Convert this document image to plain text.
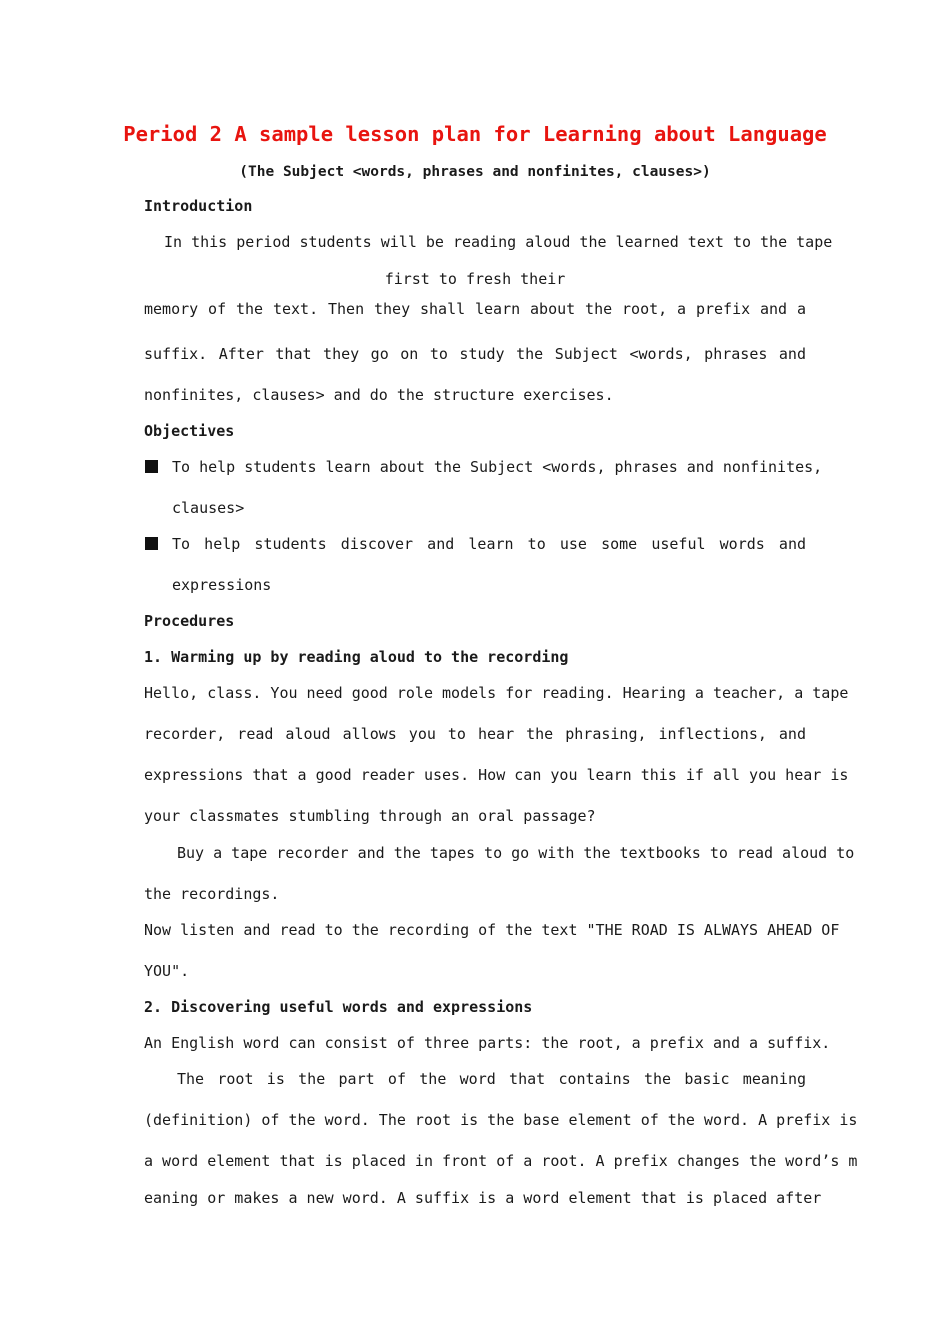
Period 2 A sample lesson plan for Learning about Language
(The Subject <words, phrases and nonfinites, clauses>)
Introduction
In this period students will be reading aloud the learned text to the tape
first to fresh their
memory of the text. Then they shall learn about the root, a prefix and a
suffix. After that they go on to study the Subject <words, phrases and
nonfinites, clauses> and do the structure exercises.
Objectives
To help students learn about the Subject <words, phrases and nonfinites,
clauses>
To help students discover and learn to use some useful words and
expressions
Procedures
1. Warming up by reading aloud to the recording
Hello, class. You need good role models for reading. Hearing a teacher, a tape
recorder, read aloud allows you to hear the phrasing, inflections, and
expressions that a good reader uses. How can you learn this if all you hear is
your classmates stumbling through an oral passage?
Buy a tape recorder and the tapes to go with the textbooks to read aloud to
the recordings.
Now listen and read to the recording of the text "THE ROAD IS ALWAYS AHEAD OF
YOU".
2. Discovering useful words and expressions
An English word can consist of three parts: the root, a prefix and a suffix.
The root is the part of the word that contains the basic meaning
(definition) of the word. The root is the base element of the word. A prefix is
a word element that is placed in front of a root. A prefix changes the word’s m
eaning or makes a new word. A suffix is a word element that is placed after
